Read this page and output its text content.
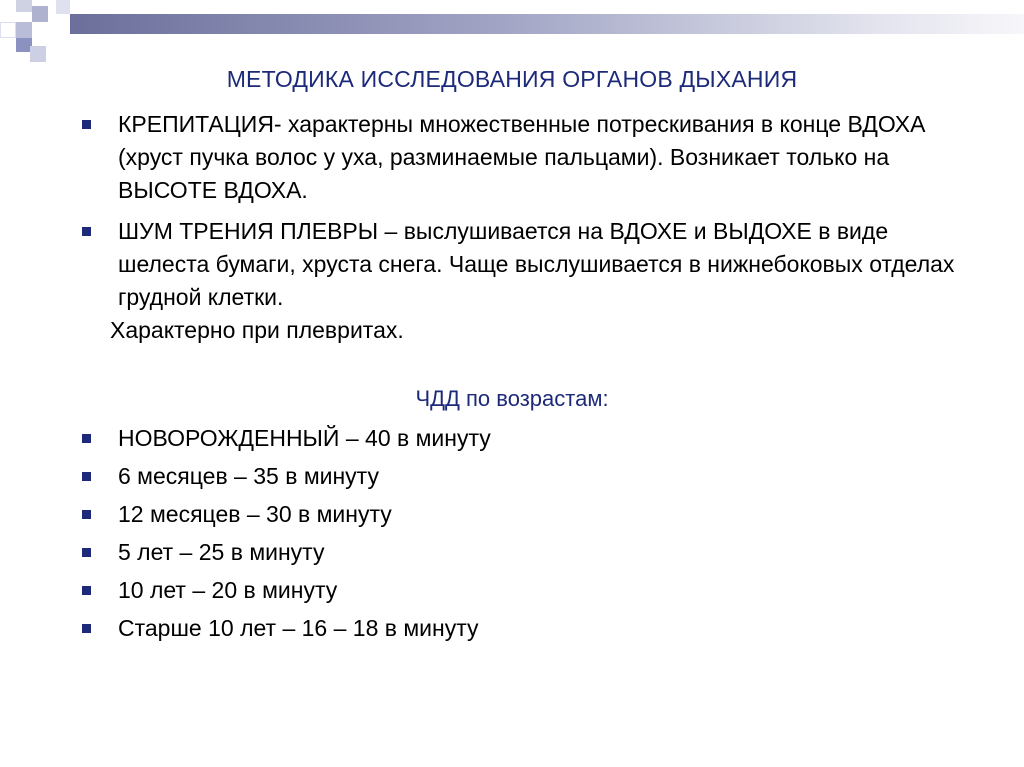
МЕТОДИКА ИССЛЕДОВАНИЯ ОРГАНОВ ДЫХАНИЯ
КРЕПИТАЦИЯ- характерны множественные потрескивания в конце ВДОХА (хруст пучка волос у уха, разминаемые пальцами). Возникает только на ВЫСОТЕ ВДОХА.
ШУМ ТРЕНИЯ ПЛЕВРЫ – выслушивается на ВДОХЕ и ВЫДОХЕ в виде шелеста бумаги, хруста снега. Чаще выслушивается в нижнебоковых отделах грудной клетки.
Характерно при плевритах.
ЧДД по возрастам:
НОВОРОЖДЕННЫЙ – 40 в минуту
6 месяцев – 35 в минуту
12 месяцев – 30 в минуту
5 лет – 25 в минуту
10 лет – 20 в минуту
Старше 10 лет – 16 – 18 в минуту
